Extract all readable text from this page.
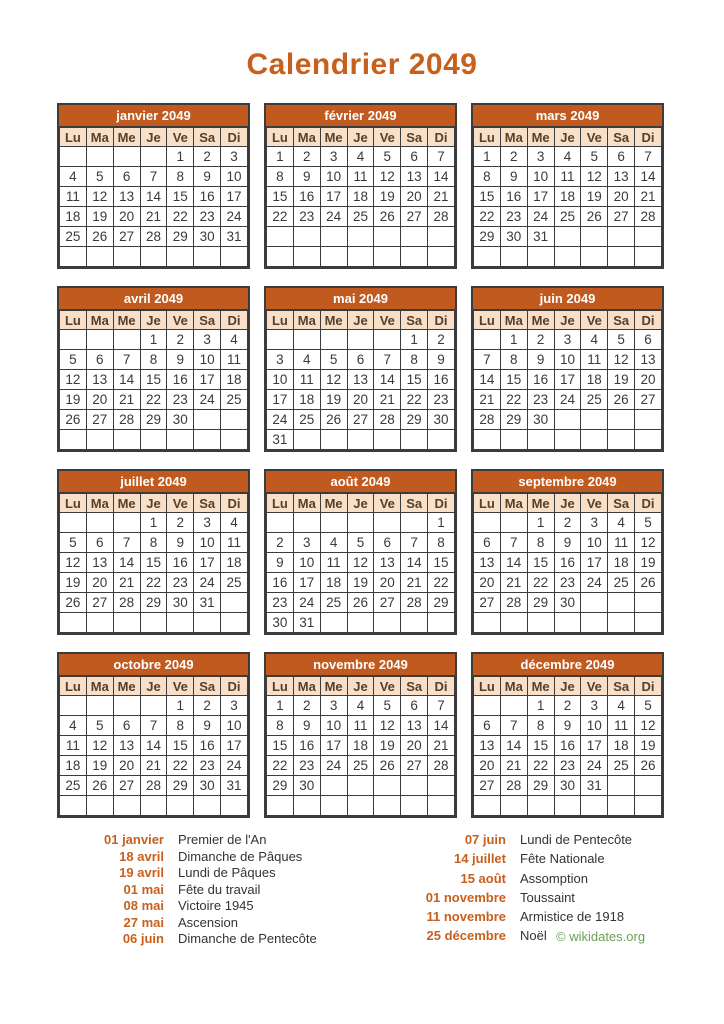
Calendrier 2049
janvier 2049
Lu	Ma	Me	Je	Ve	Sa	Di
				1	2	3
4	5	6	7	8	9	10
11	12	13	14	15	16	17
18	19	20	21	22	23	24
25	26	27	28	29	30	31

février 2049
Lu	Ma	Me	Je	Ve	Sa	Di
1	2	3	4	5	6	7
8	9	10	11	12	13	14
15	16	17	18	19	20	21
22	23	24	25	26	27	28

mars 2049
Lu	Ma	Me	Je	Ve	Sa	Di
1	2	3	4	5	6	7
8	9	10	11	12	13	14
15	16	17	18	19	20	21
22	23	24	25	26	27	28
29	30	31				

avril 2049
Lu	Ma	Me	Je	Ve	Sa	Di
			1	2	3	4
5	6	7	8	9	10	11
12	13	14	15	16	17	18
19	20	21	22	23	24	25
26	27	28	29	30		

mai 2049
Lu	Ma	Me	Je	Ve	Sa	Di
					1	2
3	4	5	6	7	8	9
10	11	12	13	14	15	16
17	18	19	20	21	22	23
24	25	26	27	28	29	30
31						
juin 2049
Lu	Ma	Me	Je	Ve	Sa	Di
	1	2	3	4	5	6
7	8	9	10	11	12	13
14	15	16	17	18	19	20
21	22	23	24	25	26	27
28	29	30				

juillet 2049
Lu	Ma	Me	Je	Ve	Sa	Di
			1	2	3	4
5	6	7	8	9	10	11
12	13	14	15	16	17	18
19	20	21	22	23	24	25
26	27	28	29	30	31	

août 2049
Lu	Ma	Me	Je	Ve	Sa	Di
						1
2	3	4	5	6	7	8
9	10	11	12	13	14	15
16	17	18	19	20	21	22
23	24	25	26	27	28	29
30	31					
septembre 2049
Lu	Ma	Me	Je	Ve	Sa	Di
		1	2	3	4	5
6	7	8	9	10	11	12
13	14	15	16	17	18	19
20	21	22	23	24	25	26
27	28	29	30			

octobre 2049
Lu	Ma	Me	Je	Ve	Sa	Di
				1	2	3
4	5	6	7	8	9	10
11	12	13	14	15	16	17
18	19	20	21	22	23	24
25	26	27	28	29	30	31

novembre 2049
Lu	Ma	Me	Je	Ve	Sa	Di
1	2	3	4	5	6	7
8	9	10	11	12	13	14
15	16	17	18	19	20	21
22	23	24	25	26	27	28
29	30					

décembre 2049
Lu	Ma	Me	Je	Ve	Sa	Di
		1	2	3	4	5
6	7	8	9	10	11	12
13	14	15	16	17	18	19
20	21	22	23	24	25	26
27	28	29	30	31		

01 janvier Premier de l'An
18 avril Dimanche de Pâques
19 avril Lundi de Pâques
01 mai Fête du travail
08 mai Victoire 1945
27 mai Ascension
06 juin Dimanche de Pentecôte
07 juin Lundi de Pentecôte
14 juillet Fête Nationale
15 août Assomption
01 novembre Toussaint
11 novembre Armistice de 1918
25 décembre Noël © wikidates.org
